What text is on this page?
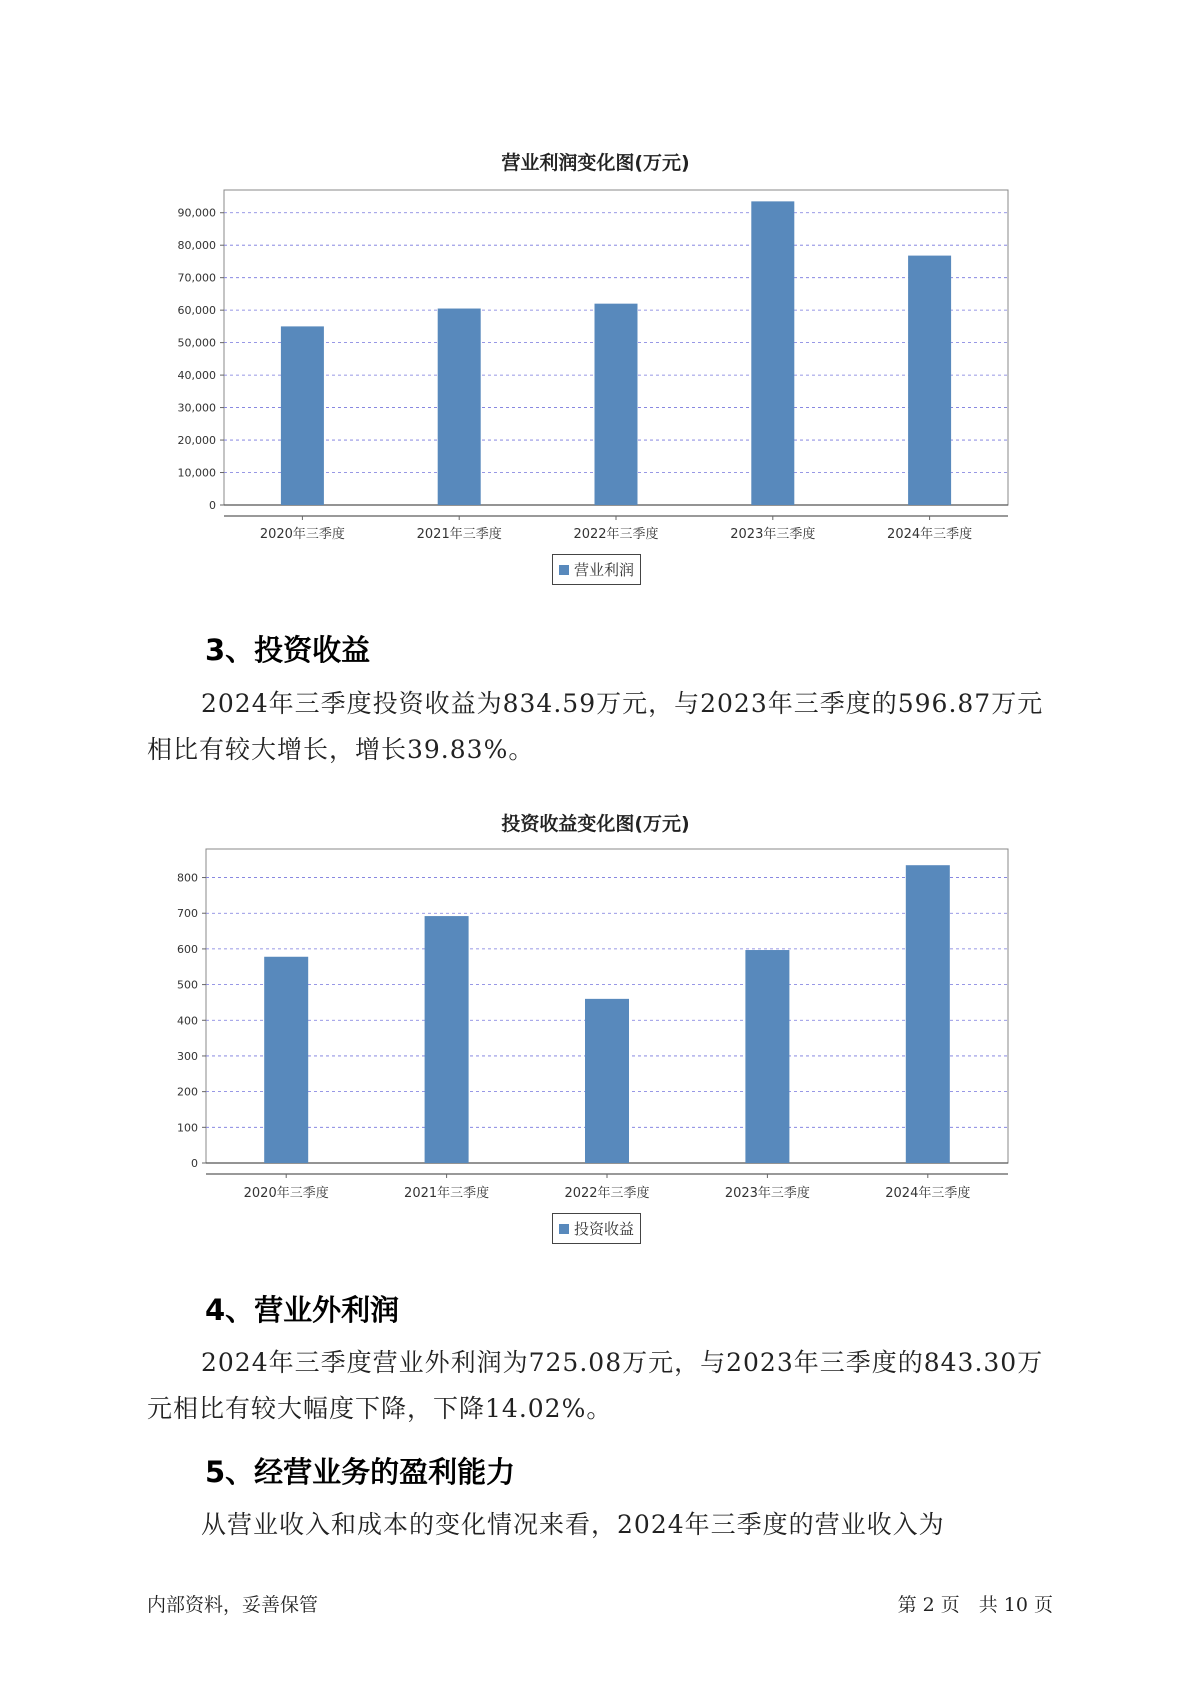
营业利润变化图(万元)
0
10,000
20,000
30,000
40,000
50,000
60,000
70,000
80,000
90,000
2020年三季度	2021年三季度	2022年三季度	2023年三季度	2024年三季度
营业利润
3、投资收益

2024年三季度投资收益为834.59万元，与2023年三季度的596.87万元相比有较大增长，增长39.83%。

投资收益变化图(万元)
0
100
200
300
400
500
600
700
800
2020年三季度	2021年三季度	2022年三季度	2023年三季度	2024年三季度
投资收益
4、营业外利润

2024年三季度营业外利润为725.08万元，与2023年三季度的843.30万元相比有较大幅度下降，下降14.02%。

5、经营业务的盈利能力

从营业收入和成本的变化情况来看，2024年三季度的营业收入为

内部资料，妥善保管	第 2 页　共 10 页
